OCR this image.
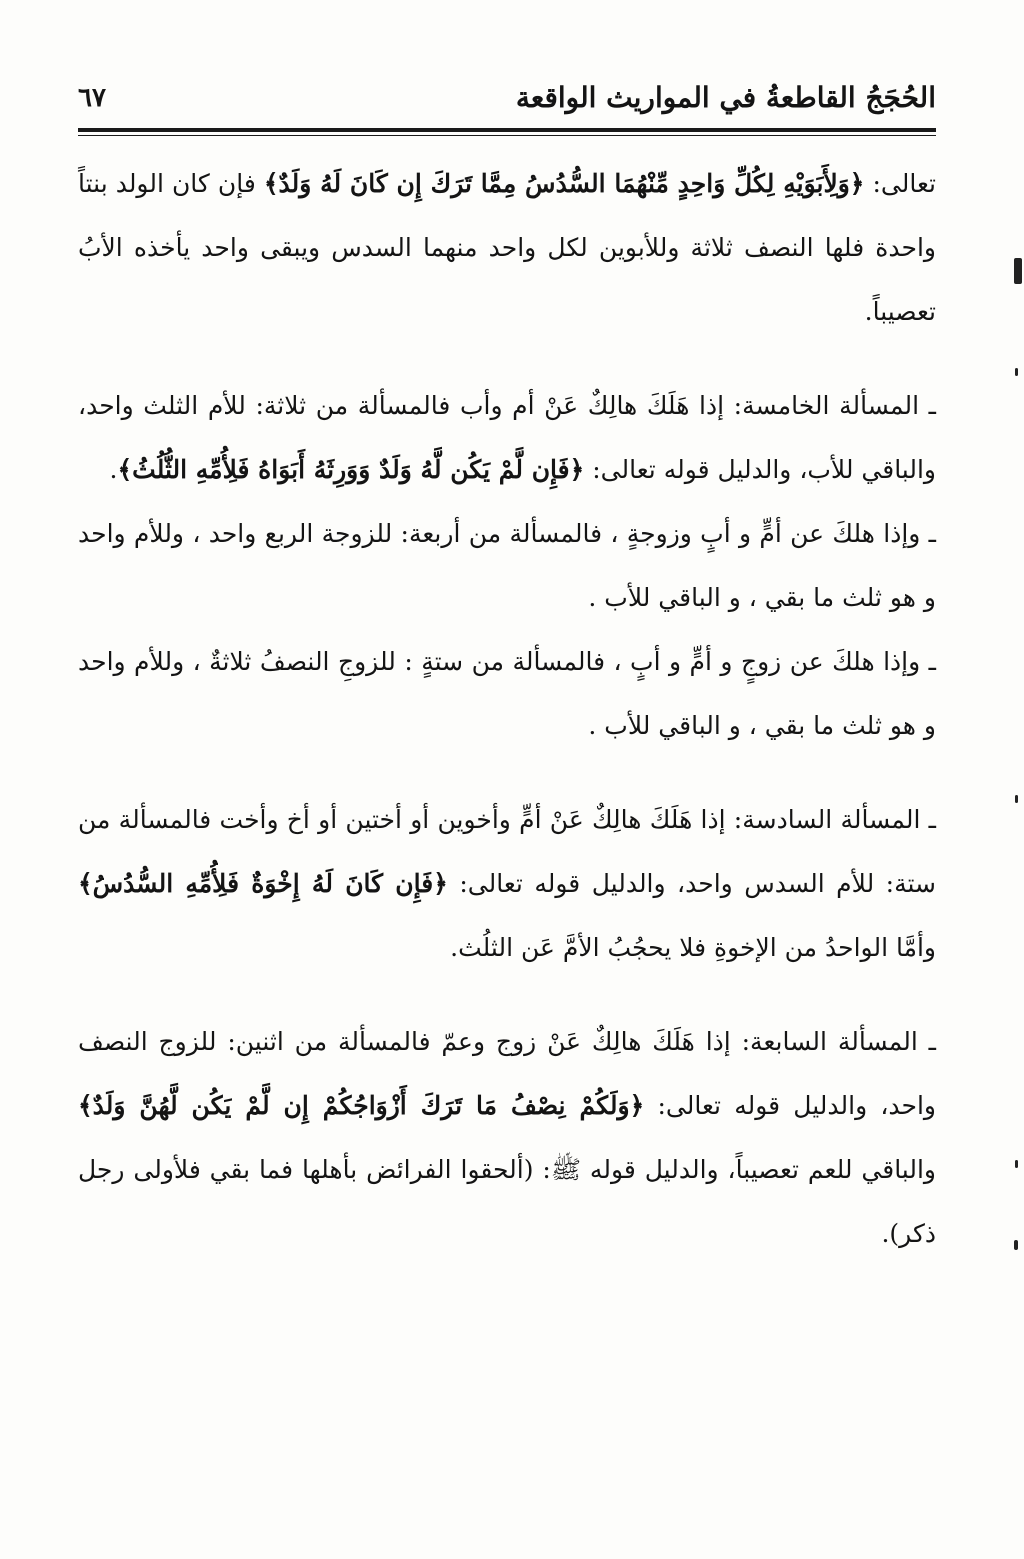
الحُجَجُ القاطعةُ في المواريث الواقعة
٦٧

تعالى: ﴿وَلِأَبَوَيْهِ لِكُلِّ وَاحِدٍ مِّنْهُمَا السُّدُسُ مِمَّا تَرَكَ إِن كَانَ لَهُ وَلَدٌ﴾ فإن كان الولد بنتاً واحدة فلها النصف ثلاثة وللأبوين لكل واحد منهما السدس ويبقى واحد يأخذه الأبُ تعصيباً.

ـ المسألة الخامسة: إذا هَلَكَ هالِكٌ عَنْ أم وأب فالمسألة من ثلاثة: للأم الثلث واحد، والباقي للأب، والدليل قوله تعالى: ﴿فَإِن لَّمْ يَكُن لَّهُ وَلَدٌ وَوَرِثَهُ أَبَوَاهُ فَلِأُمِّهِ الثُّلُثُ﴾.

ـ وإذا هلكَ عن أمٍّ و أبٍ وزوجةٍ ، فالمسألة من أربعة: للزوجة الربع واحد ، وللأم واحد و هو ثلث ما بقي ، و الباقي للأب .

ـ وإذا هلكَ عن زوجٍ و أمٍّ و أبٍ ، فالمسألة من ستةٍ : للزوجِ النصفُ ثلاثةٌ ، وللأم واحد و هو ثلث ما بقي ، و الباقي للأب .

ـ المسألة السادسة: إذا هَلَكَ هالِكٌ عَنْ أمٍّ وأخوين أو أختين أو أخ وأخت فالمسألة من ستة: للأم السدس واحد، والدليل قوله تعالى: ﴿فَإِن كَانَ لَهُ إِخْوَةٌ فَلِأُمِّهِ السُّدُسُ﴾ وأمَّا الواحدُ من الإخوةِ فلا يحجُبُ الأمَّ عَن الثلُث.

ـ المسألة السابعة: إذا هَلَكَ هالِكٌ عَنْ زوج وعمّ فالمسألة من اثنين: للزوج النصف واحد، والدليل قوله تعالى: ﴿وَلَكُمْ نِصْفُ مَا تَرَكَ أَزْوَاجُكُمْ إِن لَّمْ يَكُن لَّهُنَّ وَلَدٌ﴾ والباقي للعم تعصيباً، والدليل قوله ﷺ: (ألحقوا الفرائض بأهلها فما بقي فلأولى رجل ذكر).
